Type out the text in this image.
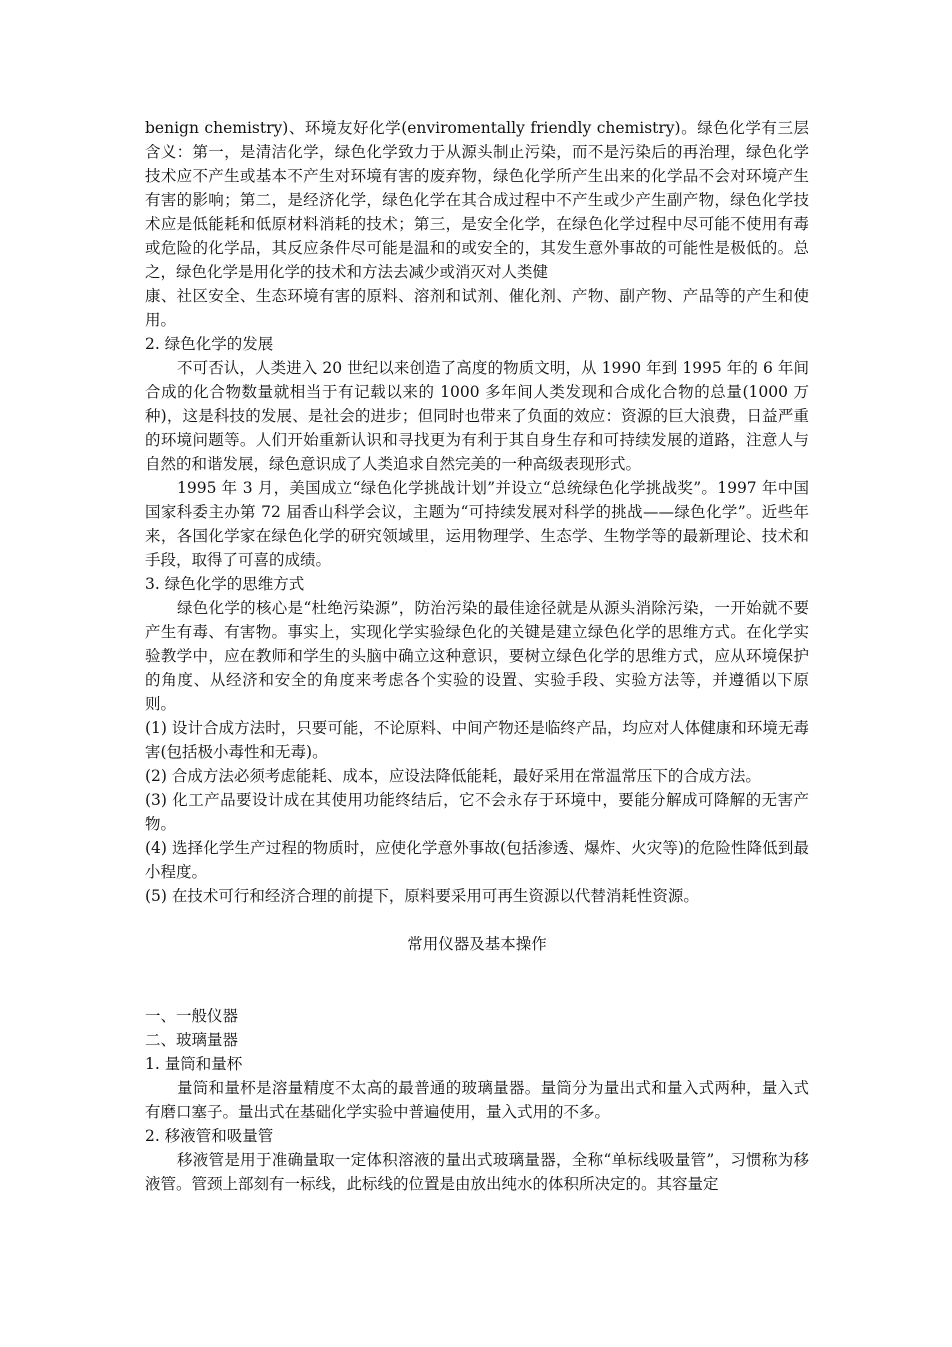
benign chemistry)、环境友好化学(enviromentally friendly chemistry)。绿色化学有三层含义：第一，是清洁化学，绿色化学致力于从源头制止污染，而不是污染后的再治理，绿色化学技术应不产生或基本不产生对环境有害的废弃物，绿色化学所产生出来的化学品不会对环境产生有害的影响；第二，是经济化学，绿色化学在其合成过程中不产生或少产生副产物，绿色化学技术应是低能耗和低原材料消耗的技术；第三，是安全化学，在绿色化学过程中尽可能不使用有毒或危险的化学品，其反应条件尽可能是温和的或安全的，其发生意外事故的可能性是极低的。总之，绿色化学是用化学的技术和方法去减少或消灭对人类健

康、社区安全、生态环境有害的原料、溶剂和试剂、催化剂、产物、副产物、产品等的产生和使用。

2. 绿色化学的发展

不可否认，人类进入 20 世纪以来创造了高度的物质文明，从 1990 年到 1995 年的 6 年间合成的化合物数量就相当于有记载以来的 1000 多年间人类发现和合成化合物的总量(1000 万种)，这是科技的发展、是社会的进步；但同时也带来了负面的效应：资源的巨大浪费，日益严重的环境问题等。人们开始重新认识和寻找更为有利于其自身生存和可持续发展的道路，注意人与自然的和谐发展，绿色意识成了人类追求自然完美的一种高级表现形式。

1995 年 3 月，美国成立“绿色化学挑战计划”并设立“总统绿色化学挑战奖”。1997 年中国国家科委主办第 72 届香山科学会议，主题为“可持续发展对科学的挑战——绿色化学”。近些年来，各国化学家在绿色化学的研究领域里，运用物理学、生态学、生物学等的最新理论、技术和手段，取得了可喜的成绩。

3. 绿色化学的思维方式

绿色化学的核心是“杜绝污染源”，防治污染的最佳途径就是从源头消除污染，一开始就不要产生有毒、有害物。事实上，实现化学实验绿色化的关键是建立绿色化学的思维方式。在化学实验教学中，应在教师和学生的头脑中确立这种意识，要树立绿色化学的思维方式，应从环境保护的角度、从经济和安全的角度来考虑各个实验的设置、实验手段、实验方法等，并遵循以下原则。

(1) 设计合成方法时，只要可能，不论原料、中间产物还是临终产品，均应对人体健康和环境无毒害(包括极小毒性和无毒)。

(2) 合成方法必须考虑能耗、成本，应设法降低能耗，最好采用在常温常压下的合成方法。

(3) 化工产品要设计成在其使用功能终结后，它不会永存于环境中，要能分解成可降解的无害产物。

(4) 选择化学生产过程的物质时，应使化学意外事故(包括渗透、爆炸、火灾等)的危险性降低到最小程度。

(5) 在技术可行和经济合理的前提下，原料要采用可再生资源以代替消耗性资源。

常用仪器及基本操作

一、一般仪器

二、玻璃量器

1. 量筒和量杯

量筒和量杯是溶量精度不太高的最普通的玻璃量器。量筒分为量出式和量入式两种，量入式有磨口塞子。量出式在基础化学实验中普遍使用，量入式用的不多。

2. 移液管和吸量管

移液管是用于准确量取一定体积溶液的量出式玻璃量器，全称“单标线吸量管”，习惯称为移液管。管颈上部刻有一标线，此标线的位置是由放出纯水的体积所决定的。其容量定
